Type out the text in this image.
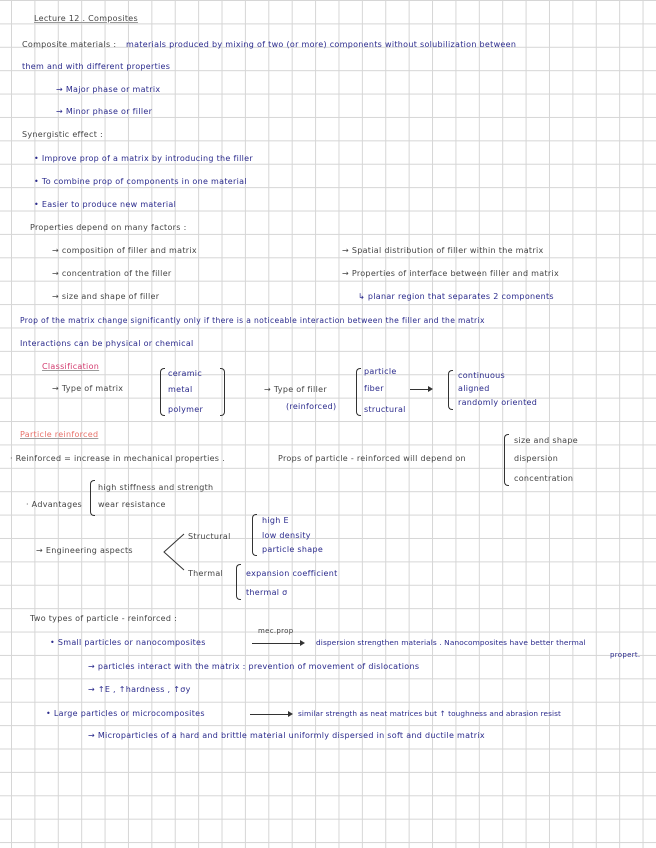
Lecture 12 . Composites
Composite materials : materials produced by mixing of two (or more) components without solubilization between
them and with different properties
→ Major phase or matrix
→ Minor phase or filler
Synergistic effect :
• Improve prop of a matrix by introducing the filler
• To combine prop of components in one material
• Easier to produce new material
Properties depend on many factors :
→ composition of filler and matrix
→ concentration of the filler
→ size and shape of filler
→ Spatial distribution of filler within the matrix
→ Properties of interface between filler and matrix
↳ planar region that separates 2 components
Prop of the matrix change significantly only if there is a noticeable interaction between the filler and the matrix
Interactions can be physical or chemical
Classification
→ Type of matrix
ceramic
metal
polymer
→ Type of filler
(reinforced)
particle
fiber
structural
continuous
aligned
randomly oriented
Particle reinforced
· Reinforced = increase in mechanical properties .	Props of particle - reinforced will depend on
size and shape
dispersion
concentration
· Advantages
high stiffness and strength
wear resistance
→ Engineering aspects
Structural
high E
low density
particle shape
Thermal	expansion coefficient
thermal σ
Two types of particle - reinforced :
mec.prop
• Small particles or nanocomposites	dispersion strengthen materials . Nanocomposites have better thermal
propert.
→ particles interact with the matrix : prevention of movement of dislocations
→ ↑E , ↑hardness , ↑σy
• Large particles or microcomposites	similar strength as neat matrices but ↑ toughness and abrasion resist
→ Microparticles of a hard and brittle material uniformly dispersed in soft and ductile matrix
